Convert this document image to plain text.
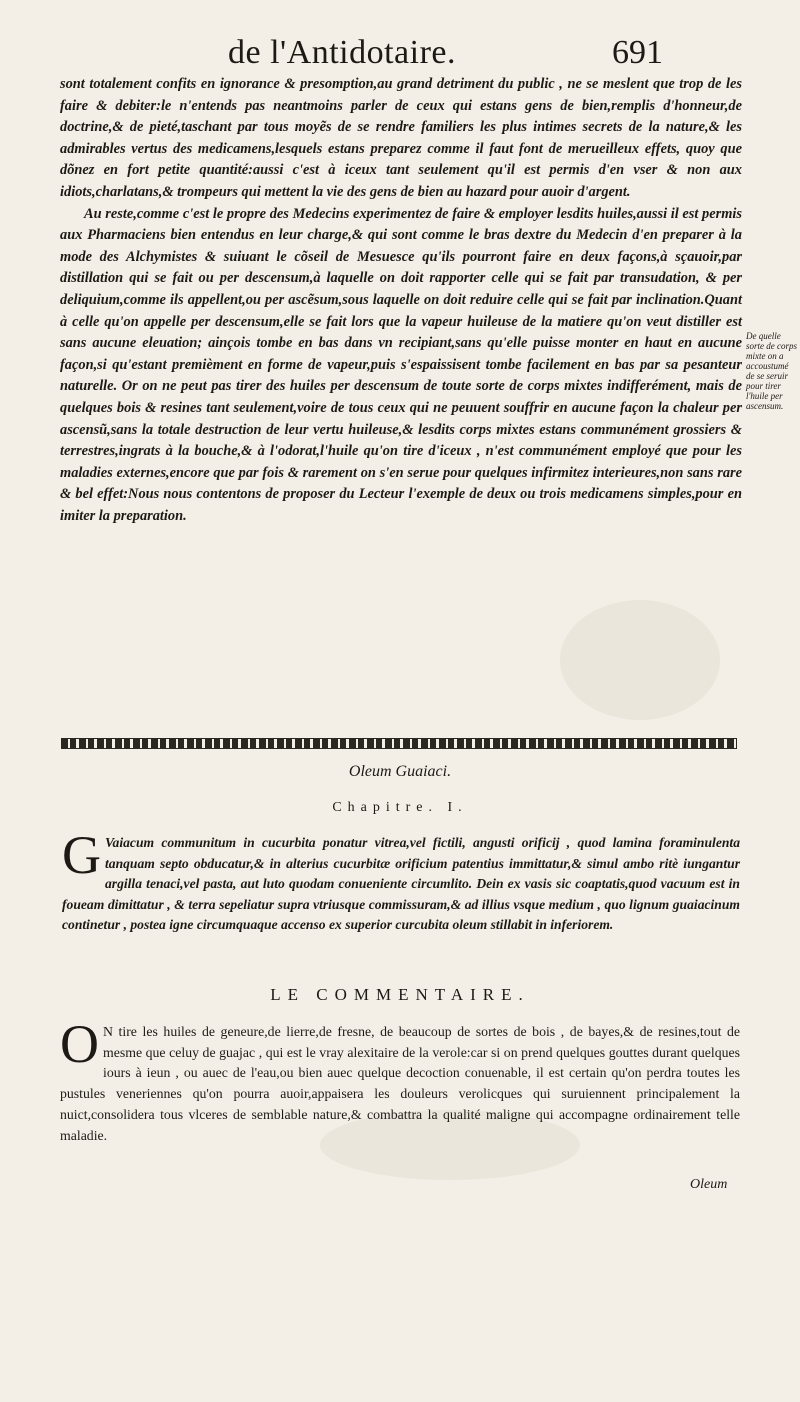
de l'Antidotaire.	691

sont totalement confits en ignorance & presomption,au grand detriment du public , ne se meslent que trop de les faire & debiter:le n'entends pas neantmoins parler de ceux qui estans gens de bien,remplis d'honneur,de doctrine,& de pieté,taschant par tous moyẽs de se rendre familiers les plus intimes secrets de la nature,& les admirables vertus des medicamens,lesquels estans preparez comme il faut font de merueilleux effets, quoy que dõnez en fort petite quantité:aussi c'est à iceux tant seulement qu'il est permis d'en vser & non aux idiots,charlatans,& trompeurs qui mettent la vie des gens de bien au hazard pour auoir d'argent.

Au reste,comme c'est le propre des Medecins experimentez de faire & employer lesdits huiles,aussi il est permis aux Pharmaciens bien entendus en leur charge,& qui sont comme le bras dextre du Medecin d'en preparer à la mode des Alchymistes & suiuant le cõseil de Mesuesce qu'ils pourront faire en deux façons,à sçauoir,par distillation qui se fait ou per descensum,à laquelle on doit rapporter celle qui se fait par transudation, & per deliquium,comme ils appellent,ou per ascẽsum,sous laquelle on doit reduire celle qui se fait par inclination.Quant à celle qu'on appelle per descensum,elle se fait lors que la vapeur huileuse de la matiere qu'on veut distiller est sans aucune eleuation; ainçois tombe en bas dans vn recipiant,sans qu'elle puisse monter en haut en aucune façon,si qu'estant premièment en forme de vapeur,puis s'espaissisent tombe facilement en bas par sa pesanteur naturelle. Or on ne peut pas tirer des huiles per descensum de toute sorte de corps mixtes indifferément, mais de quelques bois & resines tant seulement,voire de tous ceux qui ne peuuent souffrir en aucune façon la chaleur per ascensũ,sans la totale destruction de leur vertu huileuse,& lesdits corps mixtes estans communément grossiers & terrestres,ingrats à la bouche,& à l'odorat,l'huile qu'on tire d'iceux , n'est communément employé que pour les maladies externes,encore que par fois & rarement on s'en serue pour quelques infirmitez interieures,non sans rare & bel effet:Nous nous contentons de proposer du Lecteur l'exemple de deux ou trois medicamens simples,pour en imiter la preparation.

De quelle sorte de corps mixte on a accoustumé de se seruir pour tirer l'huile per ascensum.
Oleum Guaiaci.
Chapitre. I.
G Vaiacum communitum in cucurbita ponatur vitrea,vel fictili, angusti orificij , quod lamina foraminulenta tanquam septo obducatur,& in alterius cucurbitæ orificium patentius immittatur,& simul ambo ritè iungantur argilla tenaci,vel pasta, aut luto quodam conueniente circumlito. Dein ex vasis sic coaptatis,quod vacuum est in foueam dimittatur , & terra sepeliatur supra vtriusque commissuram,& ad illius vsque medium , quo lignum guaiacinum continetur , postea igne circumquaque accenso ex superior curcubita oleum stillabit in inferiorem.
LE COMMENTAIRE.
O N tire les huiles de geneure,de lierre,de fresne, de beaucoup de sortes de bois , de bayes,& de resines,tout de mesme que celuy de guajac , qui est le vray alexitaire de la verole:car si on prend quelques gouttes durant quelques iours à ieun , ou auec de l'eau,ou bien auec quelque decoction conuenable, il est certain qu'on perdra toutes les pustules veneriennes qu'on pourra auoir,appaisera les douleurs verolicques qui suruiennent principalement la nuict,consolidera tous vlceres de semblable nature,& combattra la qualité maligne qui accompagne ordinairement telle maladie.
Oleum
